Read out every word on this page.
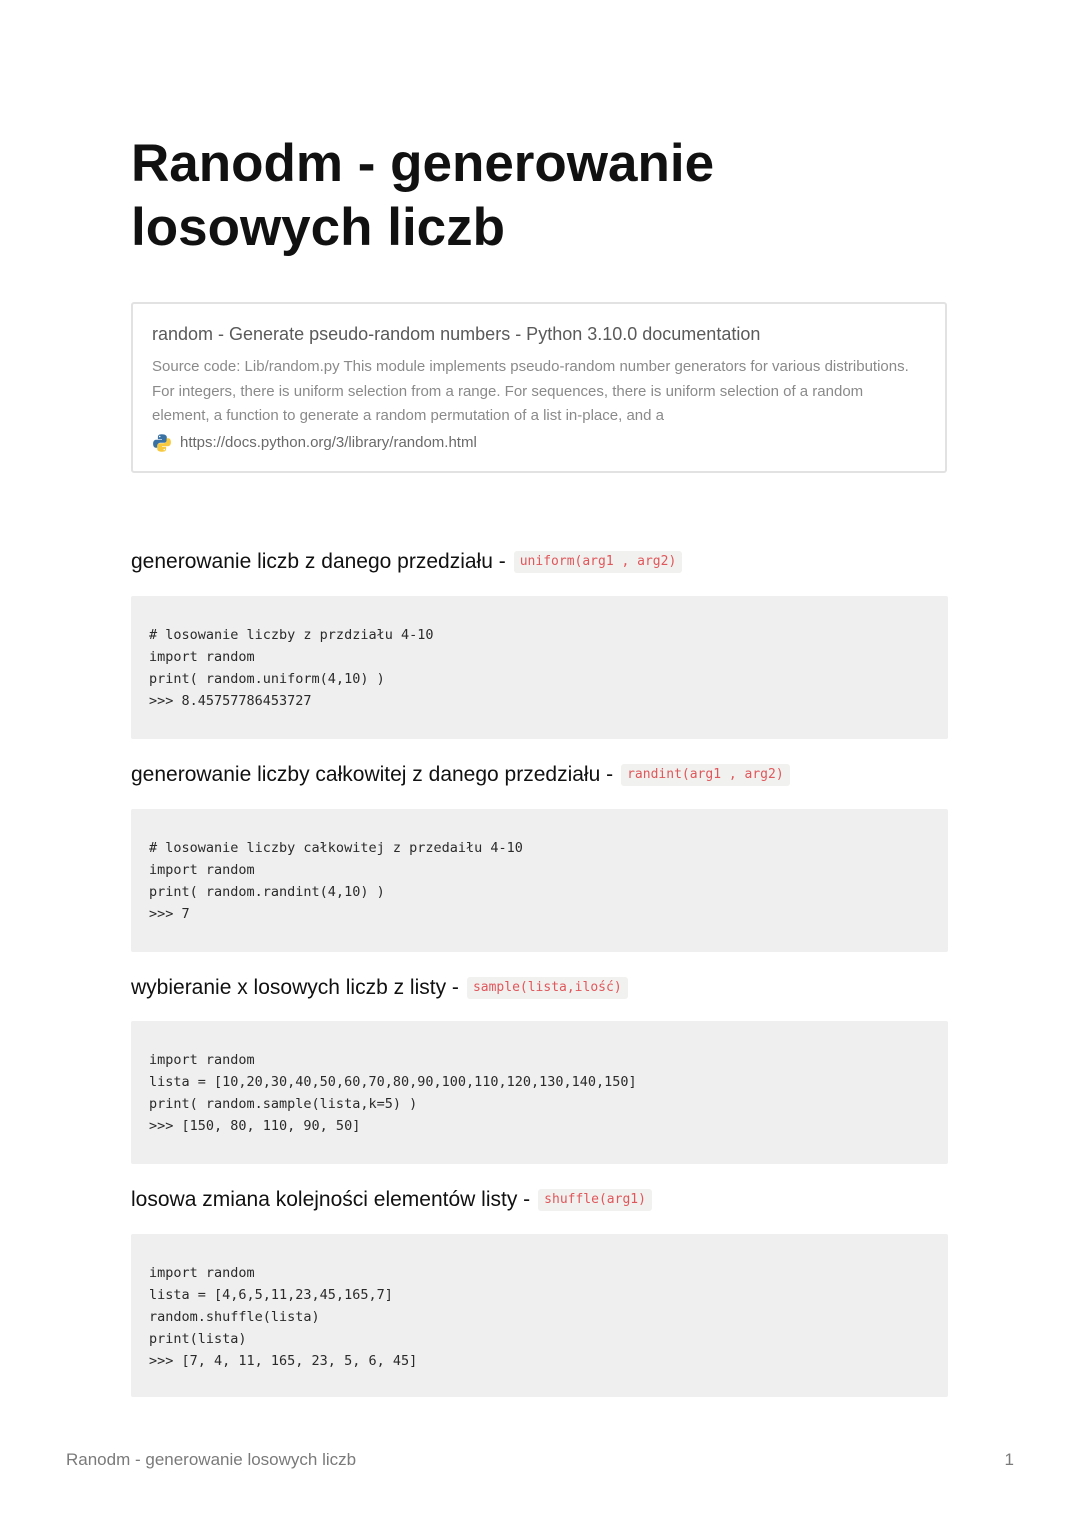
Ranodm - generowanie losowych liczb
random - Generate pseudo-random numbers - Python 3.10.0 documentation
Source code: Lib/random.py This module implements pseudo-random number generators for various distributions. For integers, there is uniform selection from a range. For sequences, there is uniform selection of a random element, a function to generate a random permutation of a list in-place, and a
https://docs.python.org/3/library/random.html
generowanie liczb z danego przedziału -	uniform(arg1 , arg2)
# losowanie liczby z przdziału 4-10
import random
print( random.uniform(4,10) )
>>> 8.45757786453727
generowanie liczby całkowitej z danego przedziału -	randint(arg1 , arg2)
# losowanie liczby całkowitej z przedaiłu 4-10
import random
print( random.randint(4,10) )
>>> 7
wybieranie x losowych liczb z listy -	sample(lista,ilość)
import random
lista = [10,20,30,40,50,60,70,80,90,100,110,120,130,140,150]
print( random.sample(lista,k=5) )
>>> [150, 80, 110, 90, 50]
losowa zmiana kolejności elementów listy -	shuffle(arg1)
import random
lista = [4,6,5,11,23,45,165,7]
random.shuffle(lista)
print(lista)
>>> [7, 4, 11, 165, 23, 5, 6, 45]
Ranodm - generowanie losowych liczb	1
